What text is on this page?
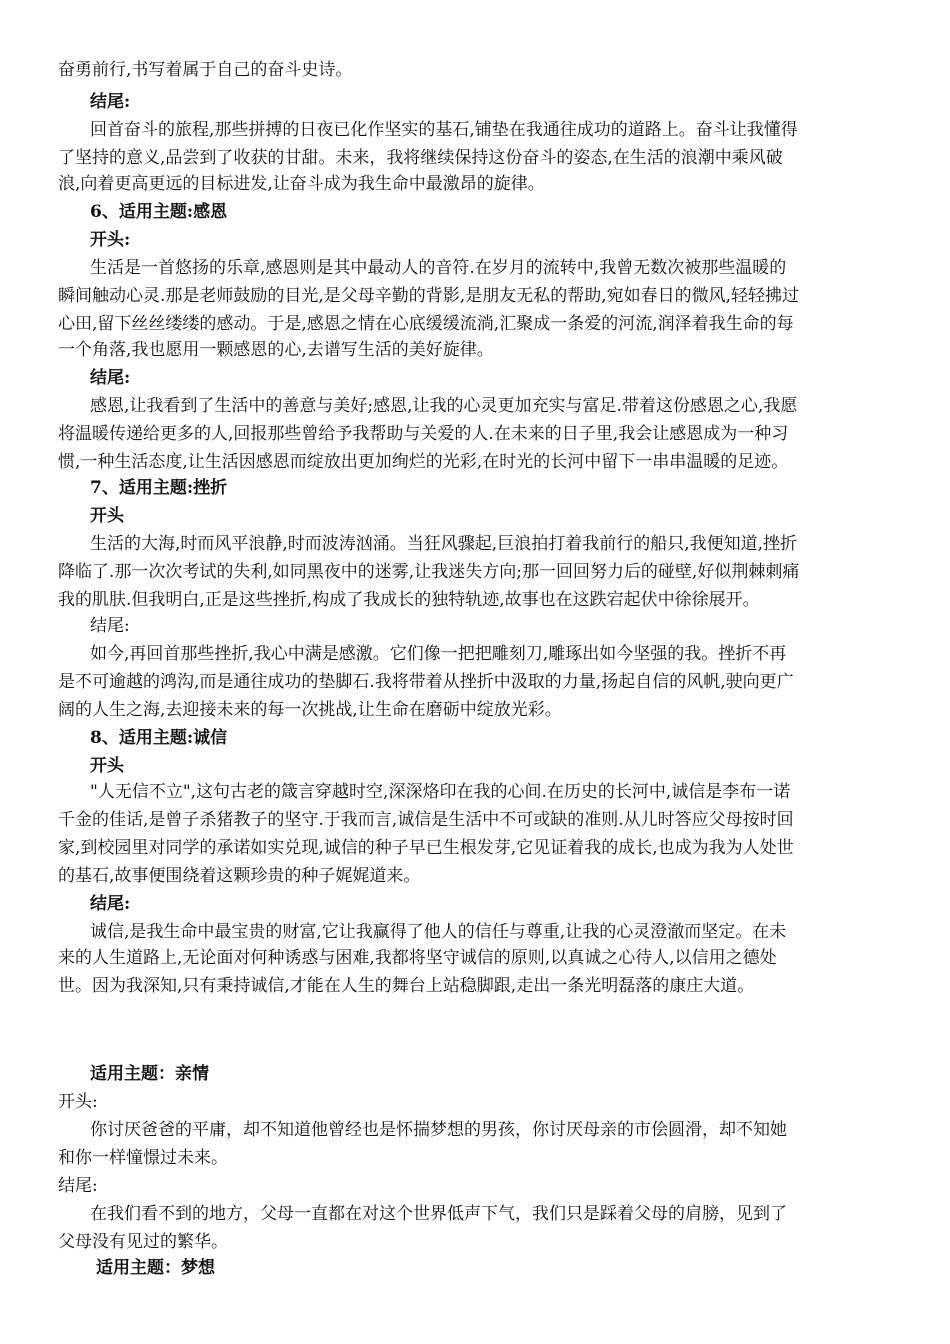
奋勇前行,书写着属于自己的奋斗史诗。
结尾:
回首奋斗的旅程,那些拼搏的日夜已化作坚实的基石,铺垫在我通往成功的道路上。奋斗让我懂得
了坚持的意义,品尝到了收获的甘甜。未来，我将继续保持这份奋斗的姿态,在生活的浪潮中乘风破
浪,向着更高更远的目标进发,让奋斗成为我生命中最激昂的旋律。
6、适用主题:感恩
开头:
生活是一首悠扬的乐章,感恩则是其中最动人的音符.在岁月的流转中,我曾无数次被那些温暖的
瞬间触动心灵.那是老师鼓励的目光,是父母辛勤的背影,是朋友无私的帮助,宛如春日的微风,轻轻拂过
心田,留下丝丝缕缕的感动。于是,感恩之情在心底缓缓流淌,汇聚成一条爱的河流,润泽着我生命的每
一个角落,我也愿用一颗感恩的心,去谱写生活的美好旋律。
结尾:
感恩,让我看到了生活中的善意与美好;感恩,让我的心灵更加充实与富足.带着这份感恩之心,我愿
将温暖传递给更多的人,回报那些曾给予我帮助与关爱的人.在未来的日子里,我会让感恩成为一种习
惯,一种生活态度,让生活因感恩而绽放出更加绚烂的光彩,在时光的长河中留下一串串温暖的足迹。
7、适用主题:挫折
开头
生活的大海,时而风平浪静,时而波涛汹涌。当狂风骤起,巨浪拍打着我前行的船只,我便知道,挫折
降临了.那一次次考试的失利,如同黑夜中的迷雾,让我迷失方向;那一回回努力后的碰壁,好似荆棘刺痛
我的肌肤.但我明白,正是这些挫折,构成了我成长的独特轨迹,故事也在这跌宕起伏中徐徐展开。
结尾:
如今,再回首那些挫折,我心中满是感激。它们像一把把雕刻刀,雕琢出如今坚强的我。挫折不再
是不可逾越的鸿沟,而是通往成功的垫脚石.我将带着从挫折中汲取的力量,扬起自信的风帆,驶向更广
阔的人生之海,去迎接未来的每一次挑战,让生命在磨砺中绽放光彩。
8、适用主题:诚信
开头
"人无信不立",这句古老的箴言穿越时空,深深烙印在我的心间.在历史的长河中,诚信是李布一诺
千金的佳话,是曾子杀猪教子的坚守.于我而言,诚信是生活中不可或缺的准则.从儿时答应父母按时回
家,到校园里对同学的承诺如实兑现,诚信的种子早已生根发芽,它见证着我的成长,也成为我为人处世
的基石,故事便围绕着这颗珍贵的种子娓娓道来。
结尾:
诚信,是我生命中最宝贵的财富,它让我赢得了他人的信任与尊重,让我的心灵澄澈而坚定。在未
来的人生道路上,无论面对何种诱惑与困难,我都将坚守诚信的原则,以真诚之心待人,以信用之德处
世。因为我深知,只有秉持诚信,才能在人生的舞台上站稳脚跟,走出一条光明磊落的康庄大道。
适用主题：亲情
开头:
你讨厌爸爸的平庸，却不知道他曾经也是怀揣梦想的男孩，你讨厌母亲的市侩圆滑，却不知她
和你一样憧憬过未来。
结尾:
在我们看不到的地方，父母一直都在对这个世界低声下气，我们只是踩着父母的肩膀，见到了
父母没有见过的繁华。
适用主题：梦想
